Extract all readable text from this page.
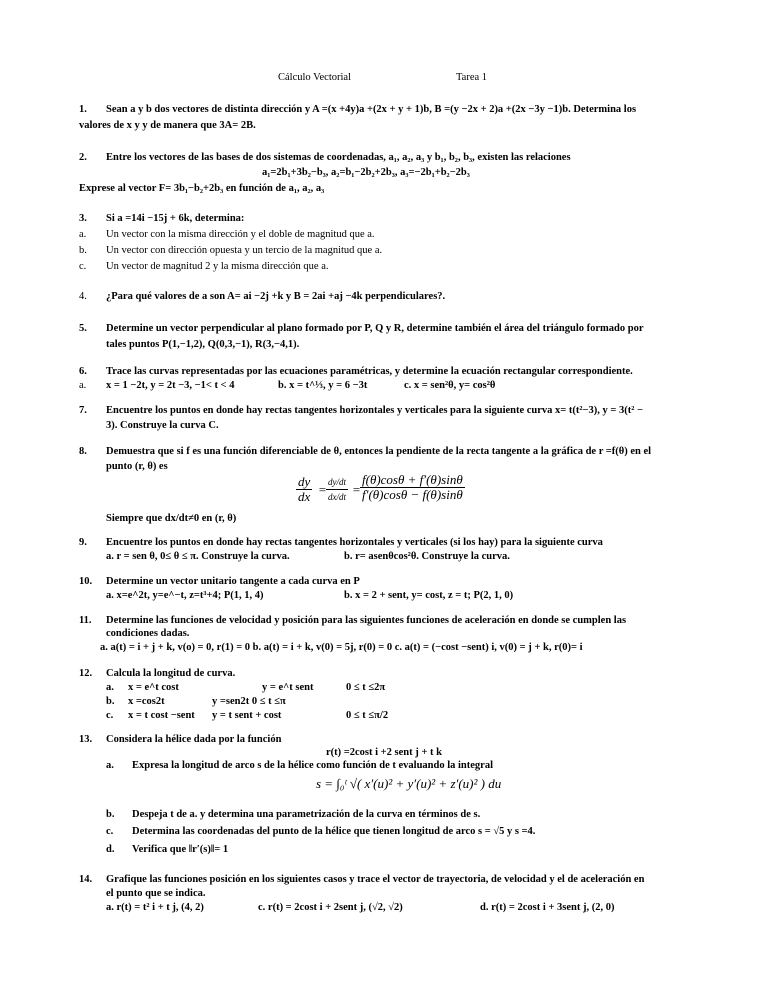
Cálculo Vectorial	Tarea 1
1. Sean a y b dos vectores de distinta dirección y A =(x +4y)a +(2x + y + 1)b, B =(y −2x + 2)a +(2x −3y −1)b. Determina los
valores de x y y de manera que 3A= 2B.
2. Entre los vectores de las bases de dos sistemas de coordenadas, a₁, a₂, a₃ y b₁, b₂, b₃, existen las relaciones
a₁=2b₁+3b₂−b₃, a₂=b₁−2b₂+2b₃, a₃=−2b₁+b₂−2b₃
Exprese al vector F= 3b₁−b₂+2b₃ en función de a₁, a₂, a₃
3. Si a =14i −15j + 6k, determina:
a. Un vector con la misma dirección y el doble de magnitud que a.
b. Un vector con dirección opuesta y un tercio de la magnitud que a.
c. Un vector de magnitud 2 y la misma dirección que a.
4. ¿Para qué valores de a son A= ai −2j +k y B = 2ai +aj −4k perpendiculares?.
5. Determine un vector perpendicular al plano formado por P, Q y R, determine también el área del triángulo formado por
tales puntos P(1,−1,2), Q(0,3,−1), R(3,−4,1).
6. Trace las curvas representadas por las ecuaciones paramétricas, y determine la ecuación rectangular correspondiente.
a. x = 1 −2t, y = 2t −3, −1< t < 4	b. x = t^⅓, y = 6 −3t	c. x = sen²θ, y= cos²θ
7. Encuentre los puntos en donde hay rectas tangentes horizontales y verticales para la siguiente curva x= t(t²−3), y = 3(t² −
3). Construye la curva C.
8. Demuestra que si f es una función diferenciable de θ, entonces la pendiente de la recta tangente a la gráfica de r =f(θ) en el
punto (r, θ) es
Siempre que dx/dt≠0 en (r, θ)
9. Encuentre los puntos en donde hay rectas tangentes horizontales y verticales (si los hay) para la siguiente curva
a. r = sen θ, 0≤ θ ≤ π. Construye la curva.	b. r= asenθcos²θ. Construye la curva.
10. Determine un vector unitario tangente a cada curva en P
a. x=e^2t, y=e^−t, z=t³+4; P(1, 1, 4)	b. x = 2 + sent, y= cost, z = t; P(2, 1, 0)
11. Determine las funciones de velocidad y posición para las siguientes funciones de aceleración en donde se cumplen las
condiciones dadas.
a. a(t) = i + j + k, v(o) = 0, r(1) = 0 b. a(t) = i + k, v(0) = 5j, r(0) = 0 c. a(t) = (−cost −sent) i, v(0) = j + k, r(0)= i
12. Calcula la longitud de curva.
a. x = e^t cost	y = e^t sent	0 ≤ t ≤2π
b. x =cos2t	y =sen2t 0 ≤ t ≤π
c. x = t cost −sent y = t sent + cost	0 ≤ t ≤π/2
13. Considera la hélice dada por la función
r(t) =2cost i +2 sent j + t k
a. Expresa la longitud de arco s de la hélice como función de t evaluando la integral
b. Despeja t de a. y determina una parametrización de la curva en términos de s.
c. Determina las coordenadas del punto de la hélice que tienen longitud de arco s = √5 y s =4.
d. Verifica que ‖r′(s)‖= 1
14. Grafique las funciones posición en los siguientes casos y trace el vector de trayectoria, de velocidad y el de aceleración en
el punto que se indica.
a. r(t) = t² i + t j, (4, 2)	c. r(t) = 2cost i + 2sent j, (√2, √2)	d. r(t) = 2cost i + 3sent j, (2, 0)
$\frac{dy}{dx} = \frac{dy/dt}{dx/dt} = \frac{f(\theta)\cos\theta + f'(\theta)\sin\theta}{f'(\theta)\cos\theta - f(\theta)\sin\theta}$
s = ∫₀ᵗ √( x′(u)² + y′(u)² + z′(u)² ) du
